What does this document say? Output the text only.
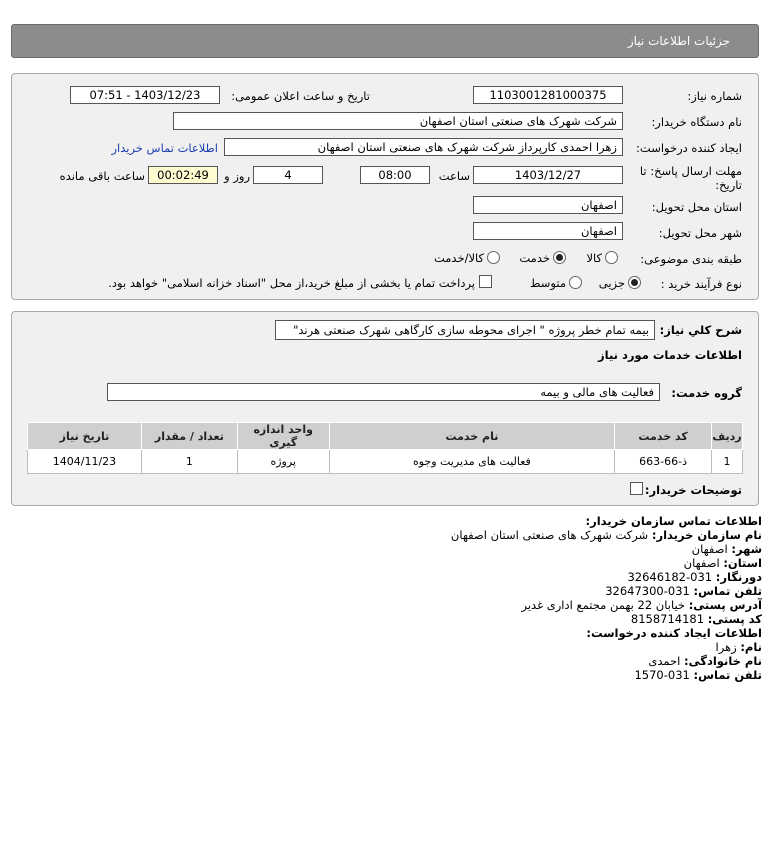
جزئیات اطلاعات نیاز
شماره نیاز:
1103001281000375
تاریخ و ساعت اعلان عمومی:
1403/12/23 - 07:51
نام دستگاه خریدار:
شرکت شهرک های صنعتی استان اصفهان
ایجاد کننده درخواست:
زهرا احمدی کارپرداز شرکت شهرک های صنعتی استان اصفهان
اطلاعات تماس خریدار
مهلت ارسال پاسخ: تا
تاریخ:
1403/12/27
ساعت
08:00
4
روز و
00:02:49
ساعت باقی مانده
استان محل تحویل:
اصفهان
شهر محل تحویل:
اصفهان
طبقه بندی موضوعی:
کالا
خدمت
کالا/خدمت
نوع فرآیند خرید :
جزیی
متوسط
پرداخت تمام یا بخشی از مبلغ خرید،از محل "اسناد خزانه اسلامی" خواهد بود.
شرح کلي نياز:
بیمه تمام خطر پروژه " اجرای محوطه سازی کارگاهی شهرک صنعتی هرند"
اطلاعات خدمات مورد نیاز
گروه خدمت:
فعالیت های مالی و بیمه
ردیف	کد خدمت	نام خدمت	واحد اندازه گیری	تعداد / مقدار	تاریخ نیاز
1	ذ-66-663	فعالیت های مدیریت وجوه	پروژه	1	1404/11/23
توضیحات خریدار:
اطلاعات تماس سازمان خریدار:
نام سازمان خریدار: شرکت شهرک های صنعتی استان اصفهان
شهر: اصفهان
استان: اصفهان
دورنگار: 031-32646182
تلفن تماس: 031-32647300
آدرس پستی: خیابان 22 بهمن مجتمع اداری غدیر
کد پستی: 8158714181
اطلاعات ایجاد کننده درخواست:
نام: زهرا
نام خانوادگی: احمدی
تلفن تماس: 031-1570
